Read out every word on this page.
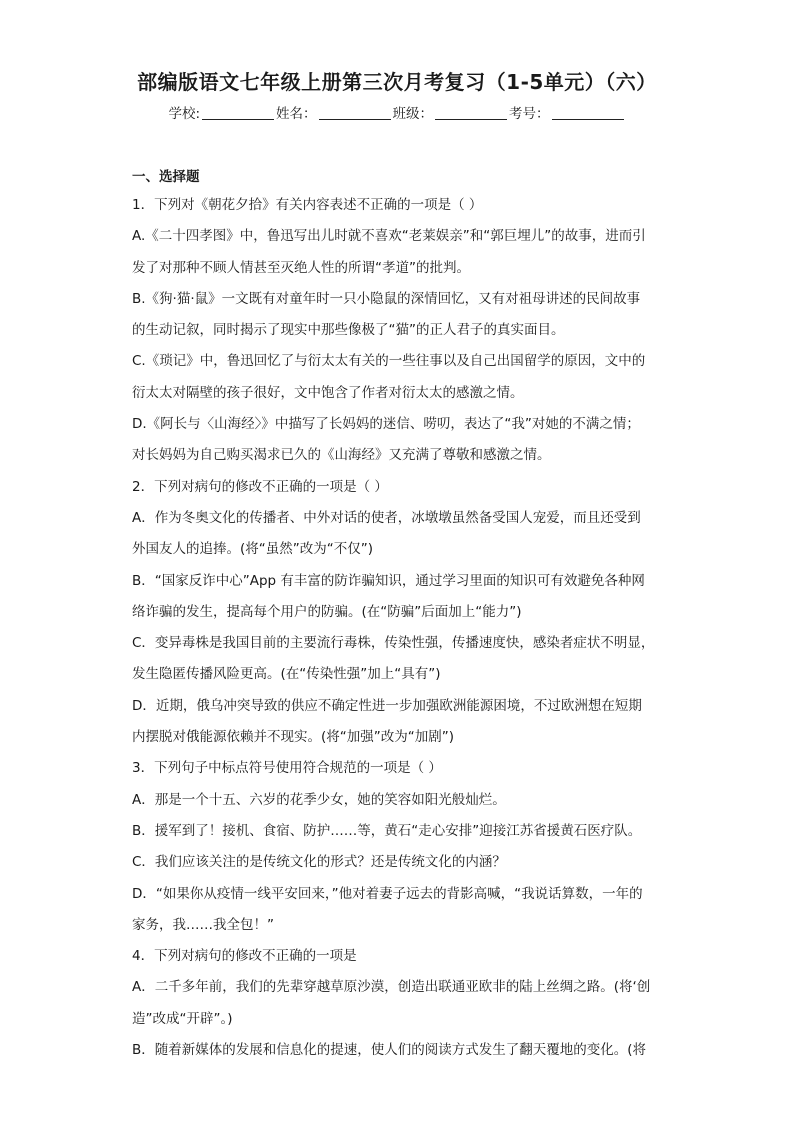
部编版语文七年级上册第三次月考复习（1-5单元）（六）
学校:	姓名：	班级：	考号：
一、选择题
1．下列对《朝花夕拾》有关内容表述不正确的一项是（ ）
A.《二十四孝图》中，鲁迅写出儿时就不喜欢“老莱娱亲”和“郭巨埋儿”的故事，进而引
发了对那种不顾人情甚至灭绝人性的所谓“孝道”的批判。
B.《狗·猫·鼠》一文既有对童年时一只小隐鼠的深情回忆，又有对祖母讲述的民间故事
的生动记叙，同时揭示了现实中那些像极了“猫”的正人君子的真实面目。
C.《琐记》中，鲁迅回忆了与衍太太有关的一些往事以及自己出国留学的原因，文中的
衍太太对隔壁的孩子很好，文中饱含了作者对衍太太的感激之情。
D.《阿长与〈山海经〉》中描写了长妈妈的迷信、唠叨，表达了“我”对她的不满之情；
对长妈妈为自己购买渴求已久的《山海经》又充满了尊敬和感激之情。
2．下列对病句的修改不正确的一项是（ ）
A．作为冬奥文化的传播者、中外对话的使者，冰墩墩虽然备受国人宠爱，而且还受到
外国友人的追捧。(将“虽然”改为“不仅”)
B．“国家反诈中心”App 有丰富的防诈骗知识，通过学习里面的知识可有效避免各种网
络诈骗的发生，提高每个用户的防骗。(在“防骗”后面加上“能力”)
C．变异毒株是我国目前的主要流行毒株，传染性强，传播速度快，感染者症状不明显，
发生隐匿传播风险更高。(在“传染性强”加上“具有”)
D．近期，俄乌冲突导致的供应不确定性进一步加强欧洲能源困境，不过欧洲想在短期
内摆脱对俄能源依赖并不现实。(将“加强”改为“加剧”)
3．下列句子中标点符号使用符合规范的一项是（ ）
A．那是一个十五、六岁的花季少女，她的笑容如阳光般灿烂。
B．援军到了！接机、食宿、防护……等，黄石“走心安排”迎接江苏省援黄石医疗队。
C．我们应该关注的是传统文化的形式？还是传统文化的内涵？
D．“如果你从疫情一线平安回来，”他对着妻子远去的背影高喊，“我说话算数，一年的
家务，我……我全包！”
4．下列对病句的修改不正确的一项是
A．二千多年前，我们的先辈穿越草原沙漠，创造出联通亚欧非的陆上丝绸之路。(将‘创
造”改成“开辟”。)
B．随着新媒体的发展和信息化的提速，使人们的阅读方式发生了翻天覆地的变化。(将
